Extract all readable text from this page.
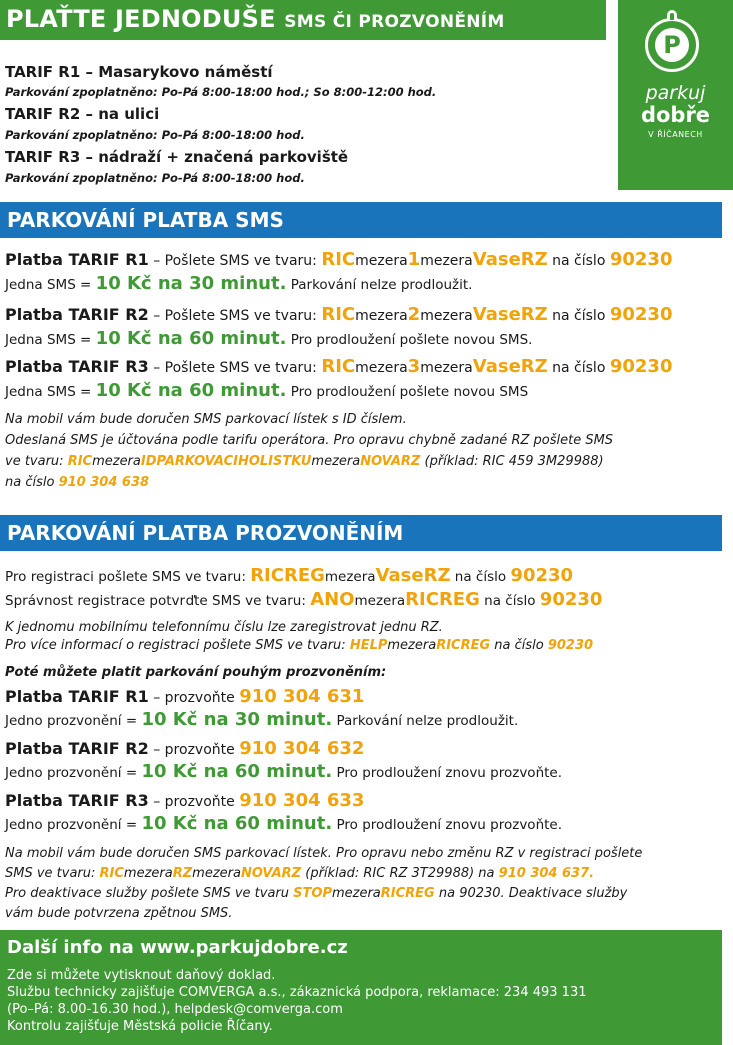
PLAŤTE JEDNODUŠE SMS ČI PROZVONĚNÍM
P
parkuj
dobře
V ŘÍČANECH
TARIF R1 – Masarykovo náměstí
Parkování zpoplatněno: Po-Pá 8:00-18:00 hod.; So 8:00-12:00 hod.
TARIF R2 – na ulici
Parkování zpoplatněno: Po-Pá 8:00-18:00 hod.
TARIF R3 – nádraží + značená parkoviště
Parkování zpoplatněno: Po-Pá 8:00-18:00 hod.
PARKOVÁNÍ PLATBA SMS
Platba TARIF R1 – Pošlete SMS ve tvaru: RICmezera1mezeraVaseRZ na číslo 90230
Jedna SMS = 10 Kč na 30 minut. Parkování nelze prodloužit.
Platba TARIF R2 – Pošlete SMS ve tvaru: RICmezera2mezeraVaseRZ na číslo 90230
Jedna SMS = 10 Kč na 60 minut. Pro prodloužení pošlete novou SMS.
Platba TARIF R3 – Pošlete SMS ve tvaru: RICmezera3mezeraVaseRZ na číslo 90230
Jedna SMS = 10 Kč na 60 minut. Pro prodloužení pošlete novou SMS
Na mobil vám bude doručen SMS parkovací lístek s ID číslem.
Odeslaná SMS je účtována podle tarifu operátora. Pro opravu chybně zadané RZ pošlete SMS
ve tvaru: RICmezeraIDPARKOVACIHOLISTKUmezeraNOVARZ (příklad: RIC 459 3M29988)
na číslo 910 304 638
PARKOVÁNÍ PLATBA PROZVONĚNÍM
Pro registraci pošlete SMS ve tvaru: RICREGmezeraVaseRZ na číslo 90230
Správnost registrace potvrďte SMS ve tvaru: ANOmezeraRICREG na číslo 90230
K jednomu mobilnímu telefonnímu číslu lze zaregistrovat jednu RZ.
Pro více informací o registraci pošlete SMS ve tvaru: HELPmezeraRICREG na číslo 90230
Poté můžete platit parkování pouhým prozvoněním:
Platba TARIF R1 – prozvoňte 910 304 631
Jedno prozvonění = 10 Kč na 30 minut. Parkování nelze prodloužit.
Platba TARIF R2 – prozvoňte 910 304 632
Jedno prozvonění = 10 Kč na 60 minut. Pro prodloužení znovu prozvoňte.
Platba TARIF R3 – prozvoňte 910 304 633
Jedno prozvonění = 10 Kč na 60 minut. Pro prodloužení znovu prozvoňte.
Na mobil vám bude doručen SMS parkovací lístek. Pro opravu nebo změnu RZ v registraci pošlete
SMS ve tvaru: RICmezeraRZmezeraNOVARZ (příklad: RIC RZ 3T29988) na 910 304 637.
Pro deaktivace služby pošlete SMS ve tvaru STOPmezeraRICREG na 90230. Deaktivace služby
vám bude potvrzena zpětnou SMS.
Další info na www.parkujdobre.cz
Zde si můžete vytisknout daňový doklad.
Službu technicky zajišťuje COMVERGA a.s., zákaznická podpora, reklamace: 234 493 131
(Po–Pá: 8.00-16.30 hod.), helpdesk@comverga.com
Kontrolu zajišťuje Městská policie Říčany.
